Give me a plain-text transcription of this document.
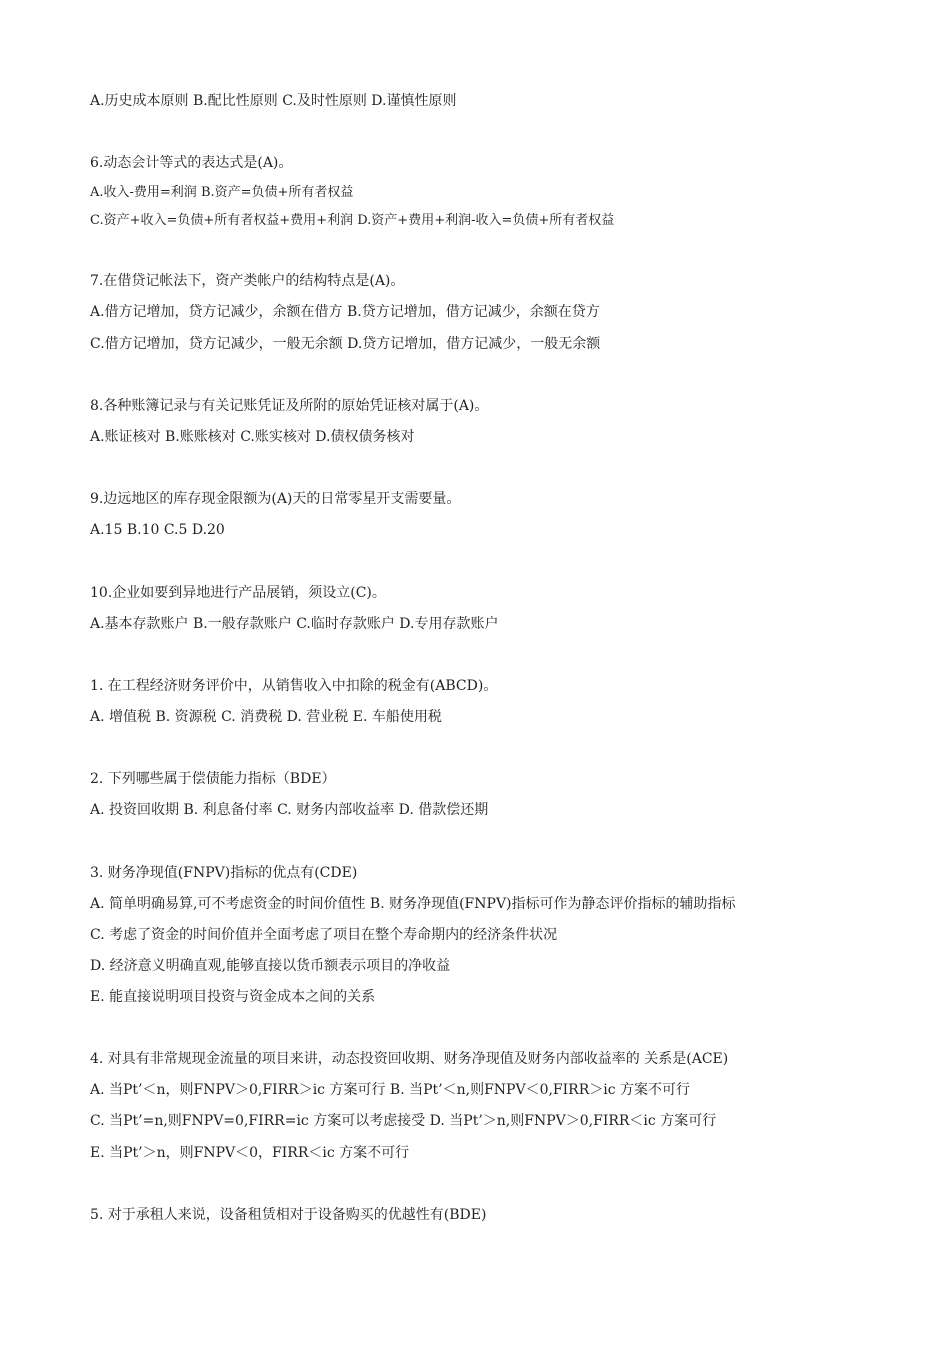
A.历史成本原则 B.配比性原则 C.及时性原则 D.谨慎性原则
6.动态会计等式的表达式是(A)。
A.收入-费用=利润 B.资产=负债+所有者权益
C.资产+收入=负债+所有者权益+费用+利润 D.资产+费用+利润-收入=负债+所有者权益
7.在借贷记帐法下，资产类帐户的结构特点是(A)。
A.借方记增加，贷方记减少，余额在借方 B.贷方记增加，借方记减少，余额在贷方
C.借方记增加，贷方记减少，一般无余额 D.贷方记增加，借方记减少，一般无余额
8.各种账簿记录与有关记账凭证及所附的原始凭证核对属于(A)。
A.账证核对 B.账账核对 C.账实核对 D.债权债务核对
9.边远地区的库存现金限额为(A)天的日常零星开支需要量。
A.15 B.10 C.5 D.20
10.企业如要到异地进行产品展销，须设立(C)。
A.基本存款账户 B.一般存款账户 C.临时存款账户 D.专用存款账户
1. 在工程经济财务评价中，从销售收入中扣除的税金有(ABCD)。
A. 增值税 B. 资源税 C. 消费税 D. 营业税 E. 车船使用税
2. 下列哪些属于偿债能力指标（BDE）
A. 投资回收期 B. 利息备付率 C. 财务内部收益率 D. 借款偿还期
3. 财务净现值(FNPV)指标的优点有(CDE)
A. 简单明确易算,可不考虑资金的时间价值性 B. 财务净现值(FNPV)指标可作为静态评价指标的辅助指标
C. 考虑了资金的时间价值并全面考虑了项目在整个寿命期内的经济条件状况
D. 经济意义明确直观,能够直接以货币额表示项目的净收益
E. 能直接说明项目投资与资金成本之间的关系
4. 对具有非常规现金流量的项目来讲，动态投资回收期、财务净现值及财务内部收益率的 关系是(ACE)
A. 当Pt’＜n，则FNPV＞0,FIRR＞ic 方案可行 B. 当Pt’＜n,则FNPV＜0,FIRR＞ic 方案不可行
C. 当Pt’=n,则FNPV=0,FIRR=ic 方案可以考虑接受 D. 当Pt’＞n,则FNPV＞0,FIRR＜ic 方案可行
E. 当Pt’＞n，则FNPV＜0，FIRR＜ic 方案不可行
5. 对于承租人来说，设备租赁相对于设备购买的优越性有(BDE)
